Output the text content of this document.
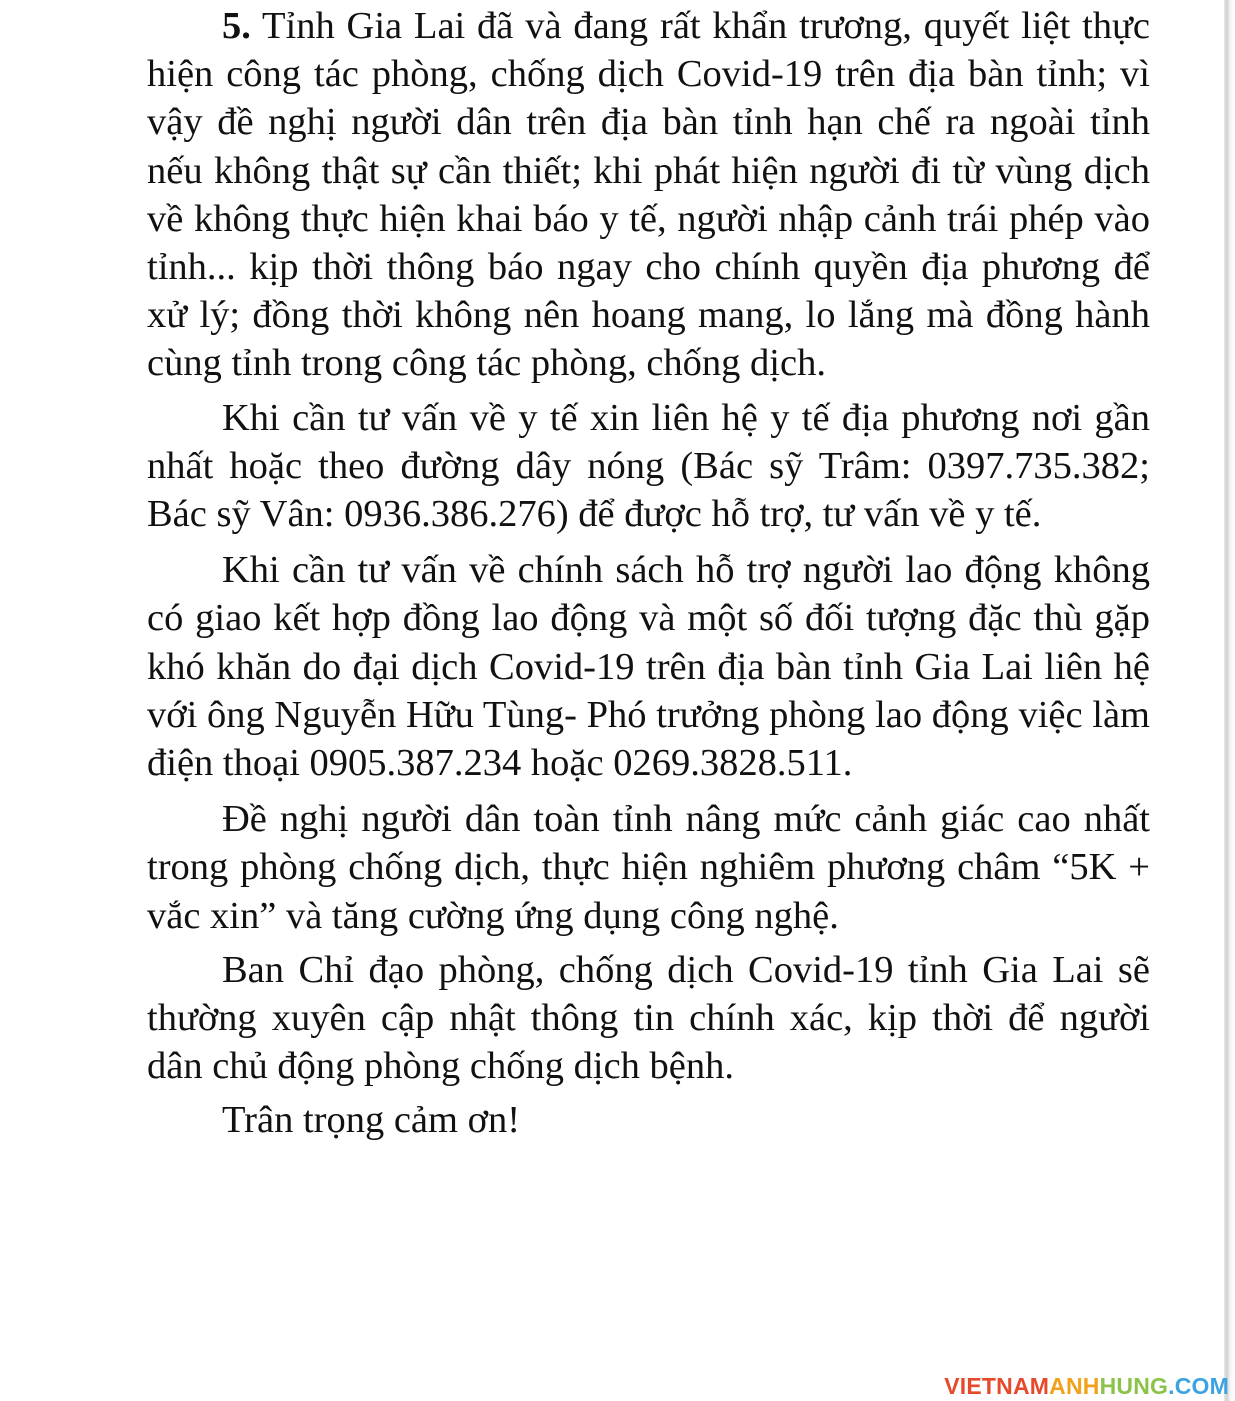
5. Tỉnh Gia Lai đã và đang rất khẩn trương, quyết liệt thực hiện công tác phòng, chống dịch Covid-19 trên địa bàn tỉnh; vì vậy đề nghị người dân trên địa bàn tỉnh hạn chế ra ngoài tỉnh nếu không thật sự cần thiết; khi phát hiện người đi từ vùng dịch về không thực hiện khai báo y tế, người nhập cảnh trái phép vào tỉnh... kịp thời thông báo ngay cho chính quyền địa phương để xử lý; đồng thời không nên hoang mang, lo lắng mà đồng hành cùng tỉnh trong công tác phòng, chống dịch.

Khi cần tư vấn về y tế xin liên hệ y tế địa phương nơi gần nhất hoặc theo đường dây nóng (Bác sỹ Trâm: 0397.735.382; Bác sỹ Vân: 0936.386.276) để được hỗ trợ, tư vấn về y tế.

Khi cần tư vấn về chính sách hỗ trợ người lao động không có giao kết hợp đồng lao động và một số đối tượng đặc thù gặp khó khăn do đại dịch Covid-19 trên địa bàn tỉnh Gia Lai liên hệ với ông Nguyễn Hữu Tùng- Phó trưởng phòng lao động việc làm điện thoại 0905.387.234 hoặc 0269.3828.511.

Đề nghị người dân toàn tỉnh nâng mức cảnh giác cao nhất trong phòng chống dịch, thực hiện nghiêm phương châm “5K + vắc xin” và tăng cường ứng dụng công nghệ.

Ban Chỉ đạo phòng, chống dịch Covid-19 tỉnh Gia Lai sẽ thường xuyên cập nhật thông tin chính xác, kịp thời để người dân chủ động phòng chống dịch bệnh.

Trân trọng cảm ơn!

VIETNAMANHHUNG.COM
